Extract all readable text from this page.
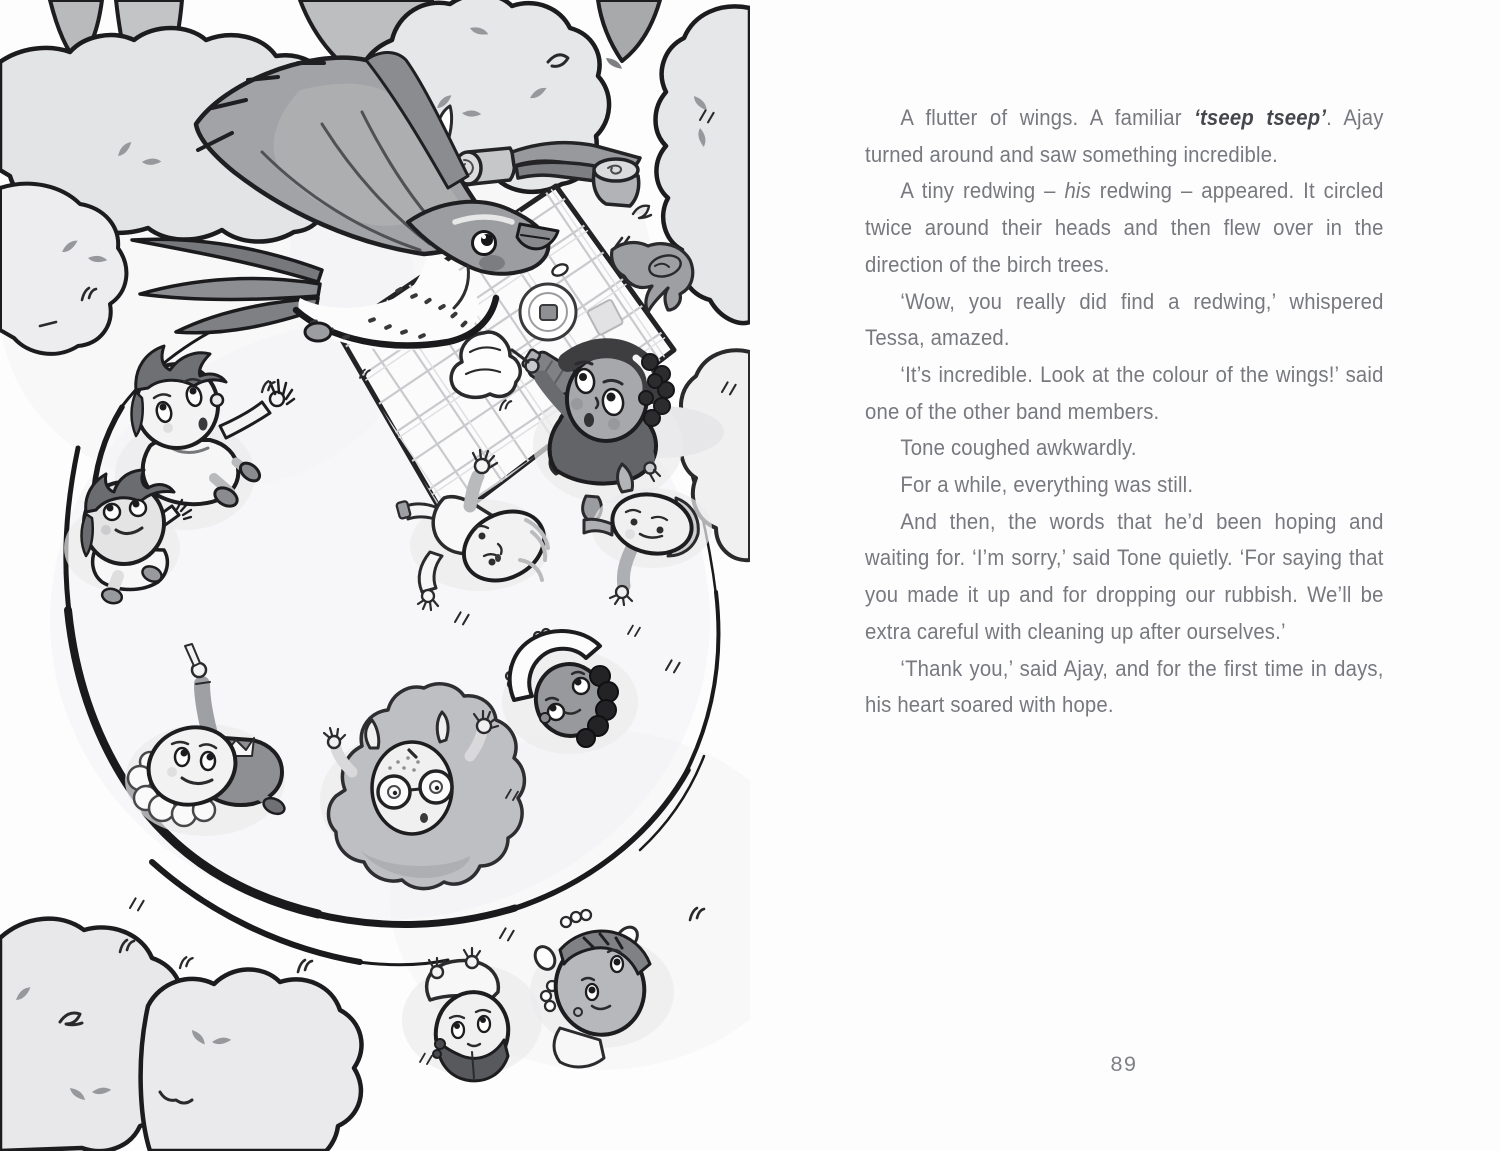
A flutter of wings. A familiar ‘tseep tseep’. Ajay turned around and saw something incredible.

A tiny redwing – his redwing – appeared. It circled twice around their heads and then flew over in the direction of the birch trees.

‘Wow, you really did find a redwing,’ whispered Tessa, amazed.

‘It’s incredible. Look at the colour of the wings!’ said one of the other band members.

Tone coughed awkwardly.

For a while, everything was still.

And then, the words that he’d been hoping and waiting for. ‘I’m sorry,’ said Tone quietly. ‘For saying that you made it up and for dropping our rubbish. We’ll be extra careful with cleaning up after ourselves.’

‘Thank you,’ said Ajay, and for the first time in days, his heart soared with hope.

89
